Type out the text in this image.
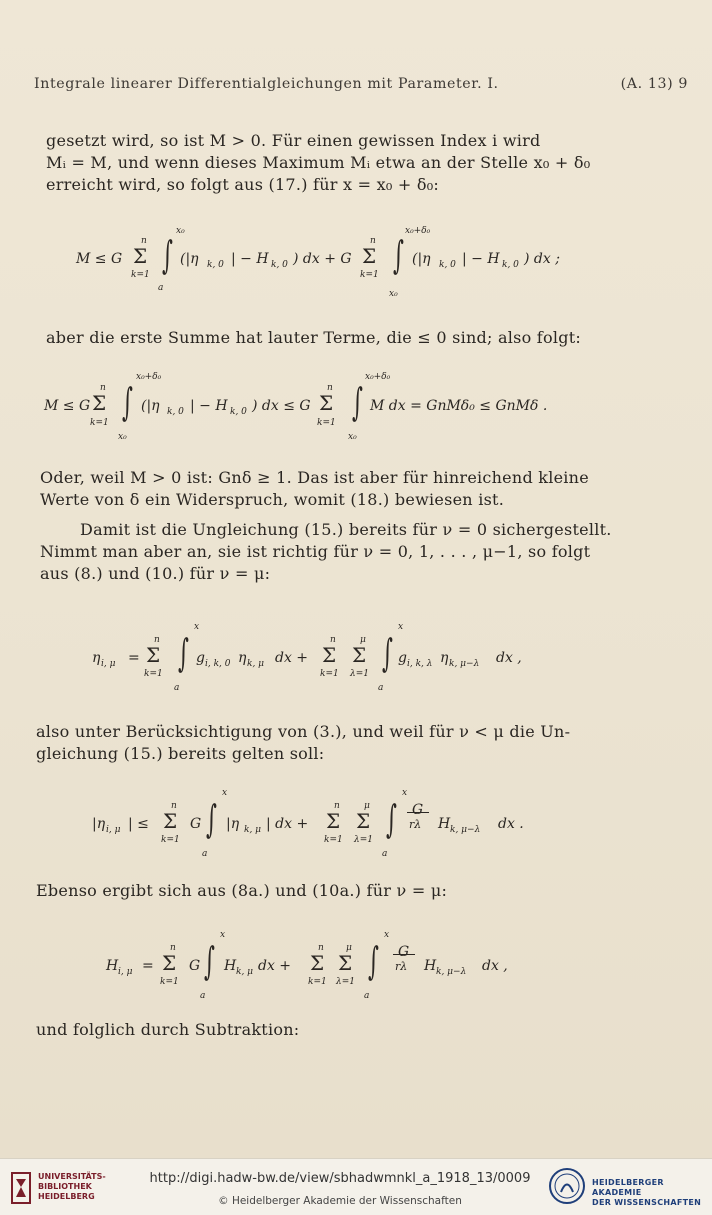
Integrale linearer Differentialgleichungen mit Parameter. I.	(A. 13) 9
gesetzt wird, so ist M > 0. Für einen gewissen Index i wird
Mᵢ = M, und wenn dieses Maximum Mᵢ etwa an der Stelle x₀ + δ₀
erreicht wird, so folgt aus (17.) für x = x₀ + δ₀:
M ≤ G
n
Σ
k=1
x₀
∫
a
(|η k, 0 | − H k, 0 ) dx + G
n
Σ
k=1
x₀+δ₀
∫
x₀
(|η k, 0 | − H k, 0 ) dx ;
aber die erste Summe hat lauter Terme, die ≤ 0 sind; also folgt:
M ≤ G
n
Σ
k=1
x₀+δ₀
∫
x₀
(|η k, 0 | − H k, 0 ) dx ≤ G
n
Σ
k=1
x₀+δ₀
∫
x₀
M dx = GnMδ₀ ≤ GnMδ .
Oder, weil M > 0 ist: Gnδ ≥ 1. Das ist aber für hinreichend kleine
Werte von δ ein Widerspruch, womit (18.) bewiesen ist.
Damit ist die Ungleichung (15.) bereits für ν = 0 sichergestellt.
Nimmt man aber an, sie ist richtig für ν = 0, 1, . . . , μ−1, so folgt
aus (8.) und (10.) für ν = μ:
η i, μ =
n
Σ
k=1
x
∫
a
g i, k, 0 η k, μ dx +
n
Σ
k=1
μ
Σ
λ=1
x
∫
a
g i, k, λ η k, μ−λ dx ,
also unter Berücksichtigung von (3.), und weil für ν < μ die Un-
gleichung (15.) bereits gelten soll:
|η i, μ | ≤
n
Σ
k=1
G
x
∫
a
|η k, μ | dx +
n
Σ
k=1
μ
Σ
λ=1
x
∫
a
G
rλ H k, μ−λ dx .
Ebenso ergibt sich aus (8a.) und (10a.) für ν = μ:
H i, μ =
n
Σ
k=1
G
x
∫
a
H k, μ dx +
n
Σ
k=1
μ
Σ
λ=1
x
∫
a
G
rλ H k, μ−λ dx ,
und folglich durch Subtraktion:
UNIVERSITÄTS-
BIBLIOTHEK
HEIDELBERG
http://digi.hadw-bw.de/view/sbhadwmnkl_a_1918_13/0009
© Heidelberger Akademie der Wissenschaften
HEIDELBERGER AKADEMIE
DER WISSENSCHAFTEN
